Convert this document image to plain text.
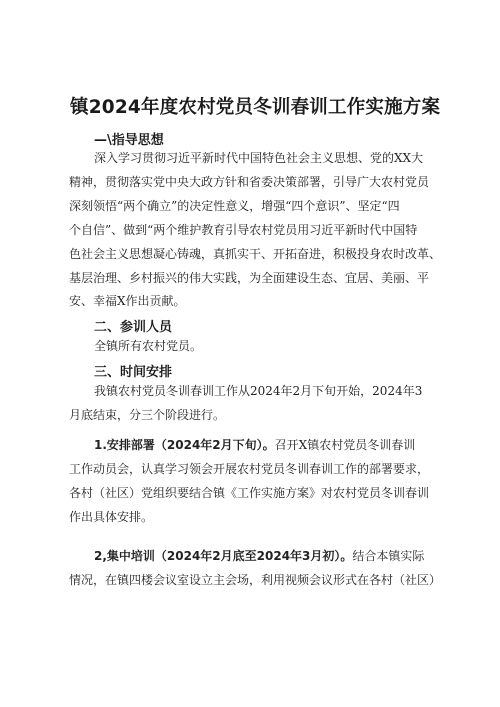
镇2024年度农村党员冬训春训工作实施方案
—\指导思想
深入学习贯彻习近平新时代中国特色社会主义思想、党的XX大
精神，贯彻落实党中央大政方针和省委决策部署，引导广大农村党员
深刻领悟“两个确立”的决定性意义，增强“四个意识”、坚定“四
个自信”、做到“两个维护教育引导农村党员用习近平新时代中国特
色社会主义思想凝心铸魂，真抓实干、开拓奋进，积极投身农时改革、
基层治理、乡村振兴的伟大实践，为全面建设生态、宜居、美丽、平
安、幸福X作出贡献。
二、参训人员
全镇所有农村党员。
三、时间安排
我镇农村党员冬训春训工作从2024年2月下旬开始，2024年3
月底结束，分三个阶段进行。
1.安排部署（2024年2月下旬）。召开X镇农村党员冬训春训
工作动员会，认真学习领会开展农村党员冬训春训工作的部署要求，
各村（社区）党组织要结合镇《工作实施方案》对农村党员冬训春训
作出具体安排。
2,集中培训（2024年2月底至2024年3月初）。结合本镇实际
情况，在镇四楼会议室设立主会场，利用视频会议形式在各村（社区）
